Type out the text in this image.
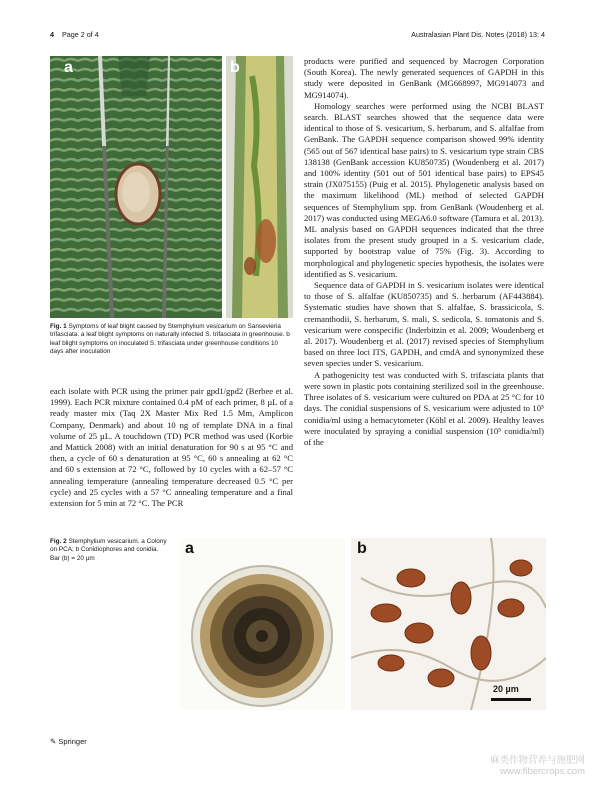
4 Page 2 of 4	Australasian Plant Dis. Notes (2018) 13: 4
a	b
Fig. 1 Symptoms of leaf blight caused by Stemphylium vesicarium on Sansevieria trifasciata. a leaf blight symptoms on naturally infected S. trifasciata in greenhouse. b leaf blight symptoms on inoculated S. trifasciata under greenhouse conditions 10 days after inoculation

each isolate with PCR using the primer pair gpd1/gpd2 (Berbee et al. 1999). Each PCR mixture contained 0.4 pM of each primer, 8 µL of a ready master mix (Taq 2X Master Mix Red 1.5 Mm, Amplicon Company, Denmark) and about 10 ng of template DNA in a final volume of 25 µL. A touchdown (TD) PCR method was used (Korbie and Mattick 2008) with an initial denaturation for 90 s at 95 °C and then, a cycle of 60 s denaturation at 95 °C, 60 s annealing at 62 °C and 60 s extension at 72 °C, followed by 10 cycles with a 62–57 °C annealing temperature (annealing temperature decreased 0.5 °C per cycle) and 25 cycles with a 57 °C annealing temperature and a final extension for 5 min at 72 °C. The PCR

products were purified and sequenced by Macrogen Corporation (South Korea). The newly generated sequences of GAPDH in this study were deposited in GenBank (MG668997, MG914073 and MG914074).

Homology searches were performed using the NCBI BLAST search. BLAST searches showed that the sequence data were identical to those of S. vesicarium, S. herbarum, and S. alfalfae from GenBank. The GAPDH sequence comparison showed 99% identity (565 out of 567 identical base pairs) to S. vesicarium type strain CBS 138138 (GenBank accession KU850735) (Woudenberg et al. 2017) and 100% identity (501 out of 501 identical base pairs) to EPS45 strain (JX075155) (Puig et al. 2015). Phylogenetic analysis based on the maximum likelihood (ML) method of selected GAPDH sequences of Stemphylium spp. from GenBank (Woudenberg et al. 2017) was conducted using MEGA6.0 software (Tamura et al. 2013). ML analysis based on GAPDH sequences indicated that the three isolates from the present study grouped in a S. vesicarium clade, supported by bootstrap value of 75% (Fig. 3). According to morphological and phylogenetic species hypothesis, the isolates were identified as S. vesicarium.

Sequence data of GAPDH in S. vesicarium isolates were identical to those of S. alfalfae (KU850735) and S. herbarum (AF443884). Systematic studies have shown that S. alfalfae, S. brassicicola, S. cremanthodii, S. herbarum, S. mali, S. sedicola, S. tomatonis and S. vesicarium were conspecific (Inderbitzin et al. 2009; Woudenberg et al. 2017). Woudenberg et al. (2017) revised species of Stemphylium based on three loci ITS, GAPDH, and cmdA and synonymized these seven species under S. vesicarium.

A pathogenicity test was conducted with S. trifasciata plants that were sown in plastic pots containing sterilized soil in the greenhouse. Three isolates of S. vesicarium were cultured on PDA at 25 °C for 10 days. The conidial suspensions of S. vesicarium were adjusted to 10⁵ conidia/ml using a hemacytometer (Köhl et al. 2009). Healthy leaves were inoculated by spraying a conidial suspension (10⁵ conidia/ml) of the

Fig. 2 Stemphylium vesicarium. a Colony on PCA; b Conidiophores and conidia. Bar (b) = 20 µm
a	b
20 µm
✎ Springer
麻类作物营养与施肥网
www.fibercrops.com
